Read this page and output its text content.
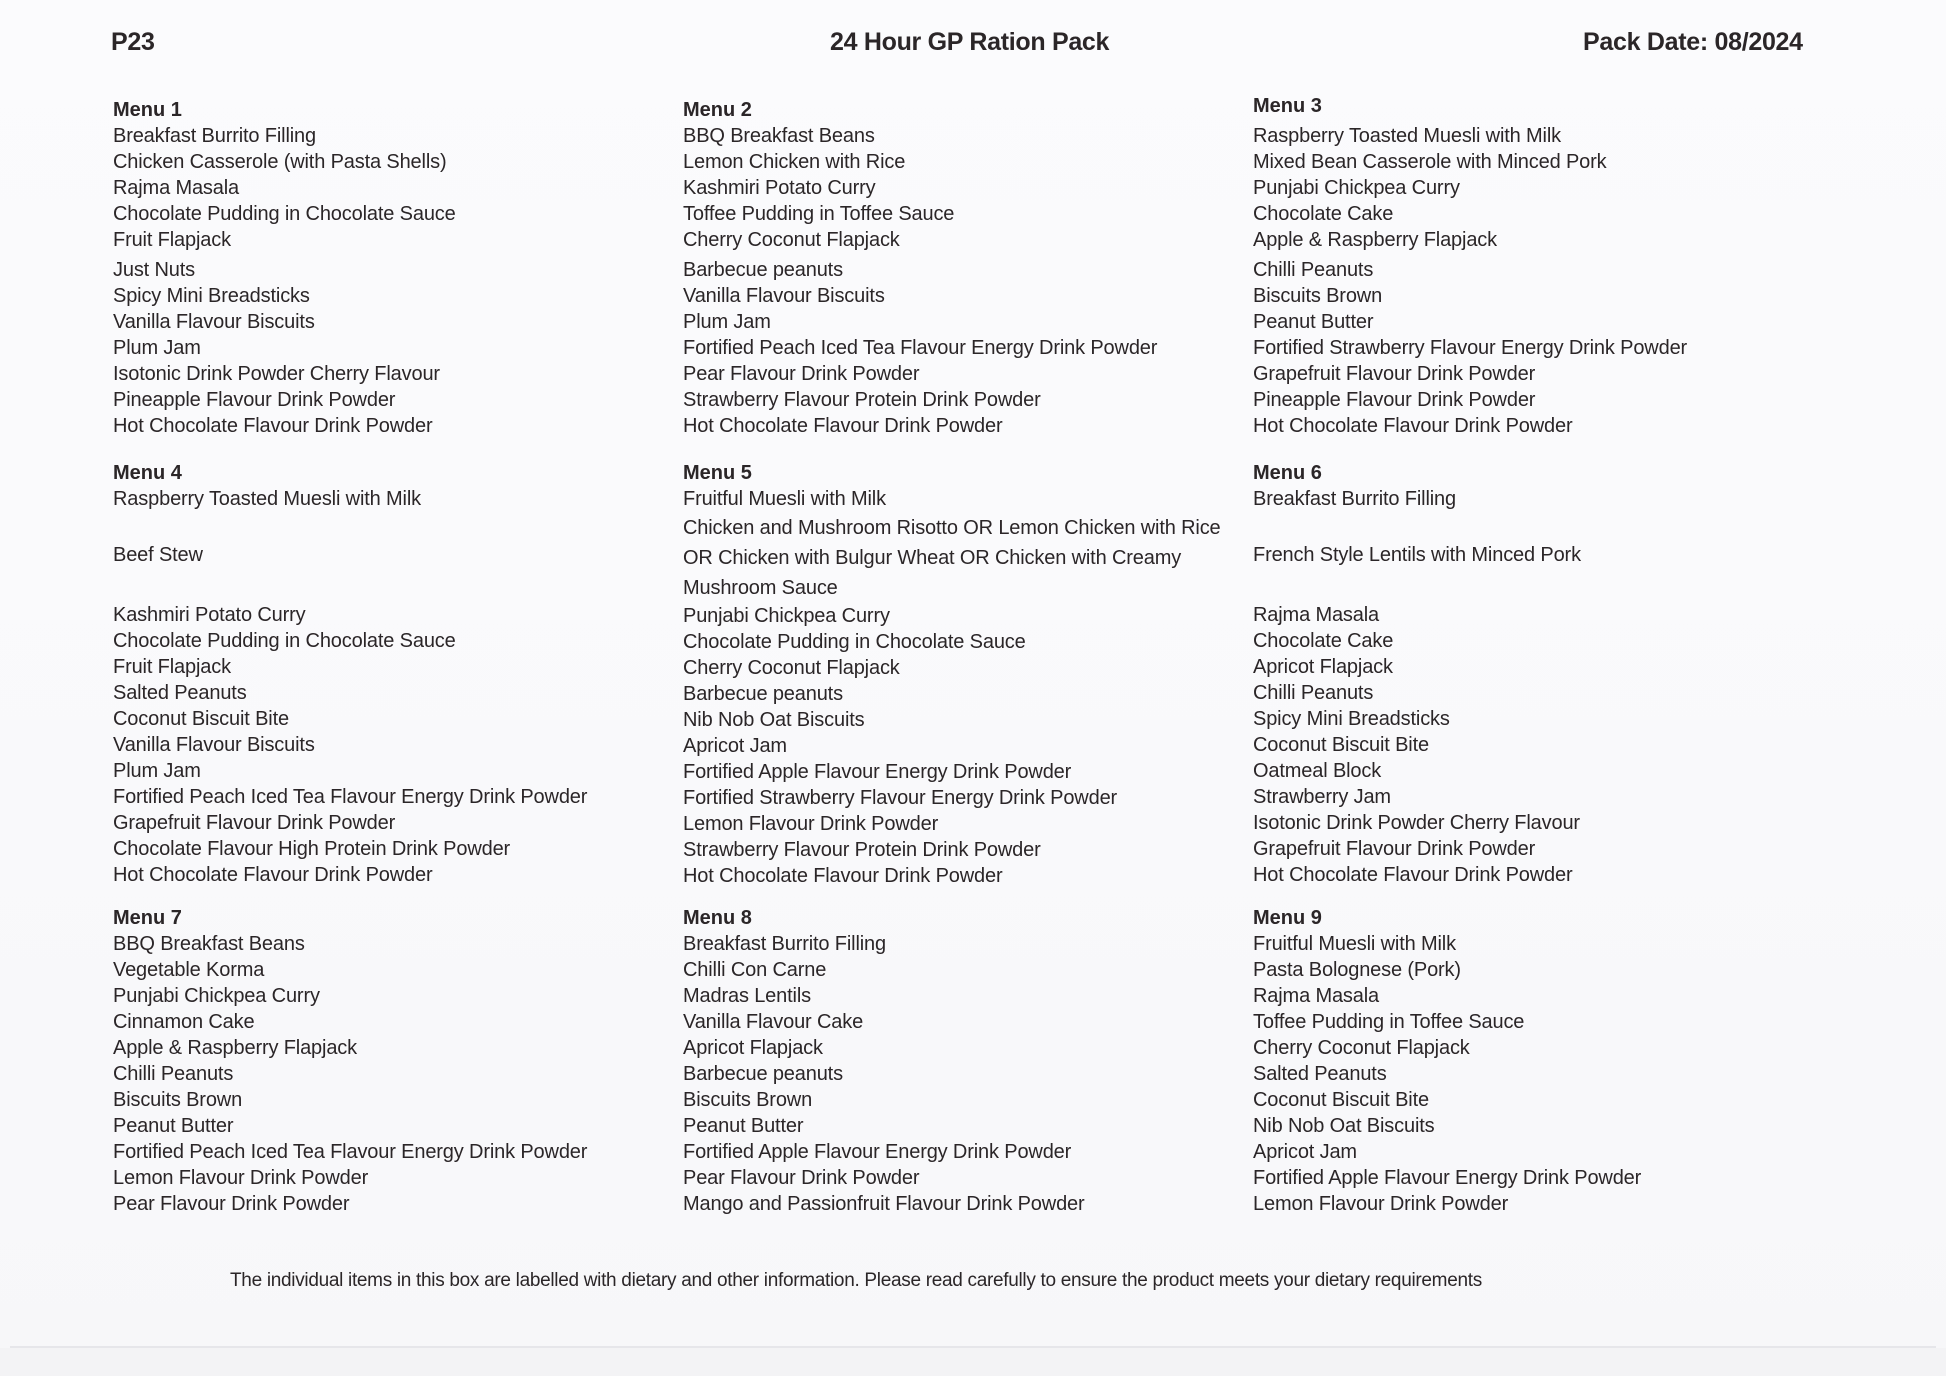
P23	24 Hour GP Ration Pack	Pack Date: 08/2024
Menu 1
Breakfast Burrito Filling
Chicken Casserole (with Pasta Shells)
Rajma Masala
Chocolate Pudding in Chocolate Sauce
Fruit Flapjack
Just Nuts
Spicy Mini Breadsticks
Vanilla Flavour Biscuits
Plum Jam
Isotonic Drink Powder Cherry Flavour
Pineapple Flavour Drink Powder
Hot Chocolate Flavour Drink Powder
Menu 2
BBQ Breakfast Beans
Lemon Chicken with Rice
Kashmiri Potato Curry
Toffee Pudding in Toffee Sauce
Cherry Coconut Flapjack
Barbecue peanuts
Vanilla Flavour Biscuits
Plum Jam
Fortified Peach Iced Tea Flavour Energy Drink Powder
Pear Flavour Drink Powder
Strawberry Flavour Protein Drink Powder
Hot Chocolate Flavour Drink Powder
Menu 3
Raspberry Toasted Muesli with Milk
Mixed Bean Casserole with Minced Pork
Punjabi Chickpea Curry
Chocolate Cake
Apple & Raspberry Flapjack
Chilli Peanuts
Biscuits Brown
Peanut Butter
Fortified Strawberry Flavour Energy Drink Powder
Grapefruit Flavour Drink Powder
Pineapple Flavour Drink Powder
Hot Chocolate Flavour Drink Powder
Menu 4
Raspberry Toasted Muesli with Milk
Beef Stew
Kashmiri Potato Curry
Chocolate Pudding in Chocolate Sauce
Fruit Flapjack
Salted Peanuts
Coconut Biscuit Bite
Vanilla Flavour Biscuits
Plum Jam
Fortified Peach Iced Tea Flavour Energy Drink Powder
Grapefruit Flavour Drink Powder
Chocolate Flavour High Protein Drink Powder
Hot Chocolate Flavour Drink Powder
Menu 5
Fruitful Muesli with Milk
Chicken and Mushroom Risotto OR Lemon Chicken with Rice OR Chicken with Bulgur Wheat OR Chicken with Creamy Mushroom Sauce
Punjabi Chickpea Curry
Chocolate Pudding in Chocolate Sauce
Cherry Coconut Flapjack
Barbecue peanuts
Nib Nob Oat Biscuits
Apricot Jam
Fortified Apple Flavour Energy Drink Powder
Fortified Strawberry Flavour Energy Drink Powder
Lemon Flavour Drink Powder
Strawberry Flavour Protein Drink Powder
Hot Chocolate Flavour Drink Powder
Menu 6
Breakfast Burrito Filling
French Style Lentils with Minced Pork
Rajma Masala
Chocolate Cake
Apricot Flapjack
Chilli Peanuts
Spicy Mini Breadsticks
Coconut Biscuit Bite
Oatmeal Block
Strawberry Jam
Isotonic Drink Powder Cherry Flavour
Grapefruit Flavour Drink Powder
Hot Chocolate Flavour Drink Powder
Menu 7
BBQ Breakfast Beans
Vegetable Korma
Punjabi Chickpea Curry
Cinnamon Cake
Apple & Raspberry Flapjack
Chilli Peanuts
Biscuits Brown
Peanut Butter
Fortified Peach Iced Tea Flavour Energy Drink Powder
Lemon Flavour Drink Powder
Pear Flavour Drink Powder
Menu 8
Breakfast Burrito Filling
Chilli Con Carne
Madras Lentils
Vanilla Flavour Cake
Apricot Flapjack
Barbecue peanuts
Biscuits Brown
Peanut Butter
Fortified Apple Flavour Energy Drink Powder
Pear Flavour Drink Powder
Mango and Passionfruit Flavour Drink Powder
Menu 9
Fruitful Muesli with Milk
Pasta Bolognese (Pork)
Rajma Masala
Toffee Pudding in Toffee Sauce
Cherry Coconut Flapjack
Salted Peanuts
Coconut Biscuit Bite
Nib Nob Oat Biscuits
Apricot Jam
Fortified Apple Flavour Energy Drink Powder
Lemon Flavour Drink Powder
The individual items in this box are labelled with dietary and other information. Please read carefully to ensure the product meets your dietary requirements
